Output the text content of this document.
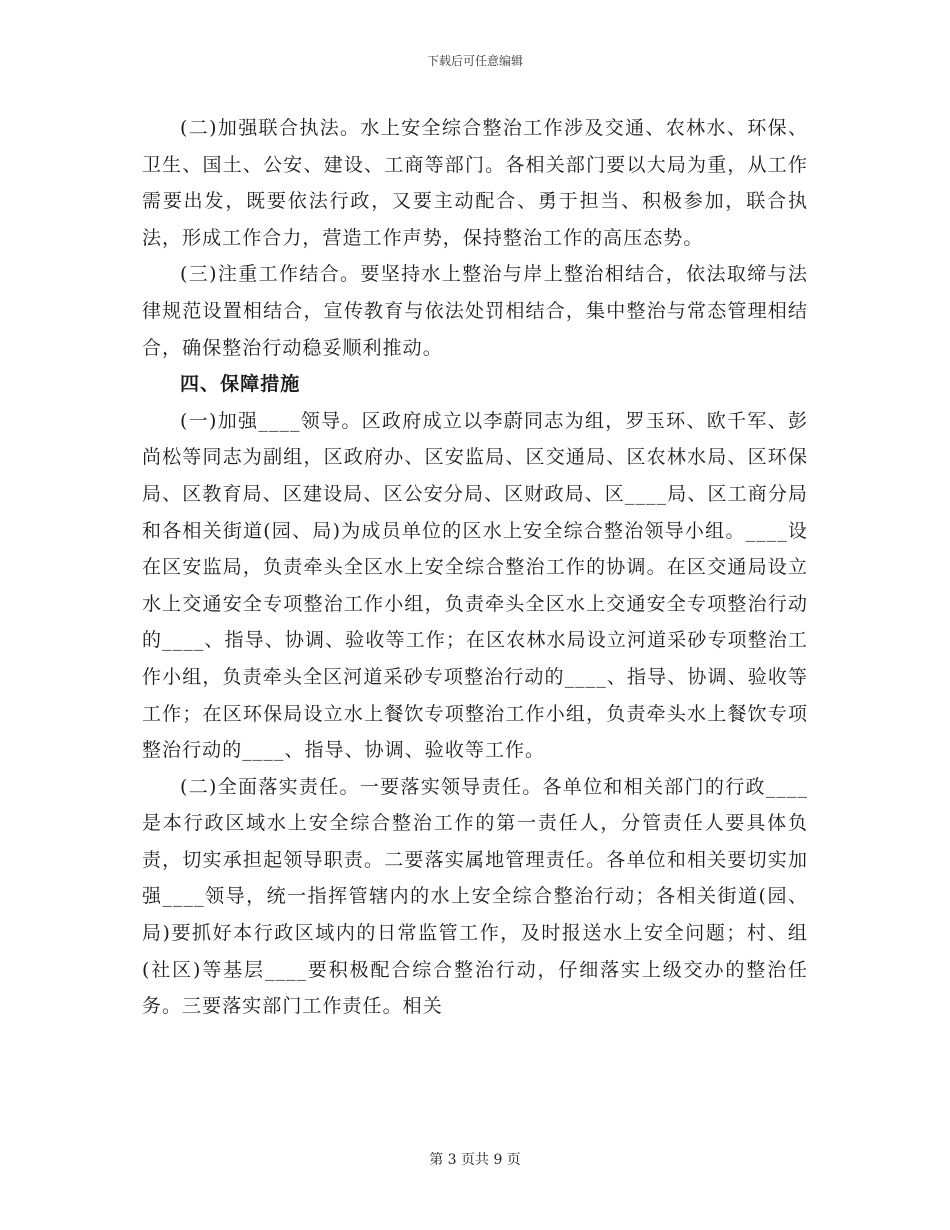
下载后可任意编辑

(二)加强联合执法。水上安全综合整治工作涉及交通、农林水、环保、卫生、国土、公安、建设、工商等部门。各相关部门要以大局为重，从工作需要出发，既要依法行政，又要主动配合、勇于担当、积极参加，联合执法，形成工作合力，营造工作声势，保持整治工作的高压态势。

(三)注重工作结合。要坚持水上整治与岸上整治相结合，依法取缔与法律规范设置相结合，宣传教育与依法处罚相结合，集中整治与常态管理相结合，确保整治行动稳妥顺利推动。

四、保障措施

(一)加强____领导。区政府成立以李蔚同志为组，罗玉环、欧千军、彭尚松等同志为副组，区政府办、区安监局、区交通局、区农林水局、区环保局、区教育局、区建设局、区公安分局、区财政局、区____局、区工商分局和各相关街道(园、局)为成员单位的区水上安全综合整治领导小组。____设在区安监局，负责牵头全区水上安全综合整治工作的协调。在区交通局设立水上交通安全专项整治工作小组，负责牵头全区水上交通安全专项整治行动的____、指导、协调、验收等工作；在区农林水局设立河道采砂专项整治工作小组，负责牵头全区河道采砂专项整治行动的____、指导、协调、验收等工作；在区环保局设立水上餐饮专项整治工作小组，负责牵头水上餐饮专项整治行动的____、指导、协调、验收等工作。

(二)全面落实责任。一要落实领导责任。各单位和相关部门的行政____是本行政区域水上安全综合整治工作的第一责任人，分管责任人要具体负责，切实承担起领导职责。二要落实属地管理责任。各单位和相关要切实加强____领导，统一指挥管辖内的水上安全综合整治行动；各相关街道(园、局)要抓好本行政区域内的日常监管工作，及时报送水上安全问题；村、组(社区)等基层____要积极配合综合整治行动，仔细落实上级交办的整治任务。三要落实部门工作责任。相关

第 3 页共 9 页
